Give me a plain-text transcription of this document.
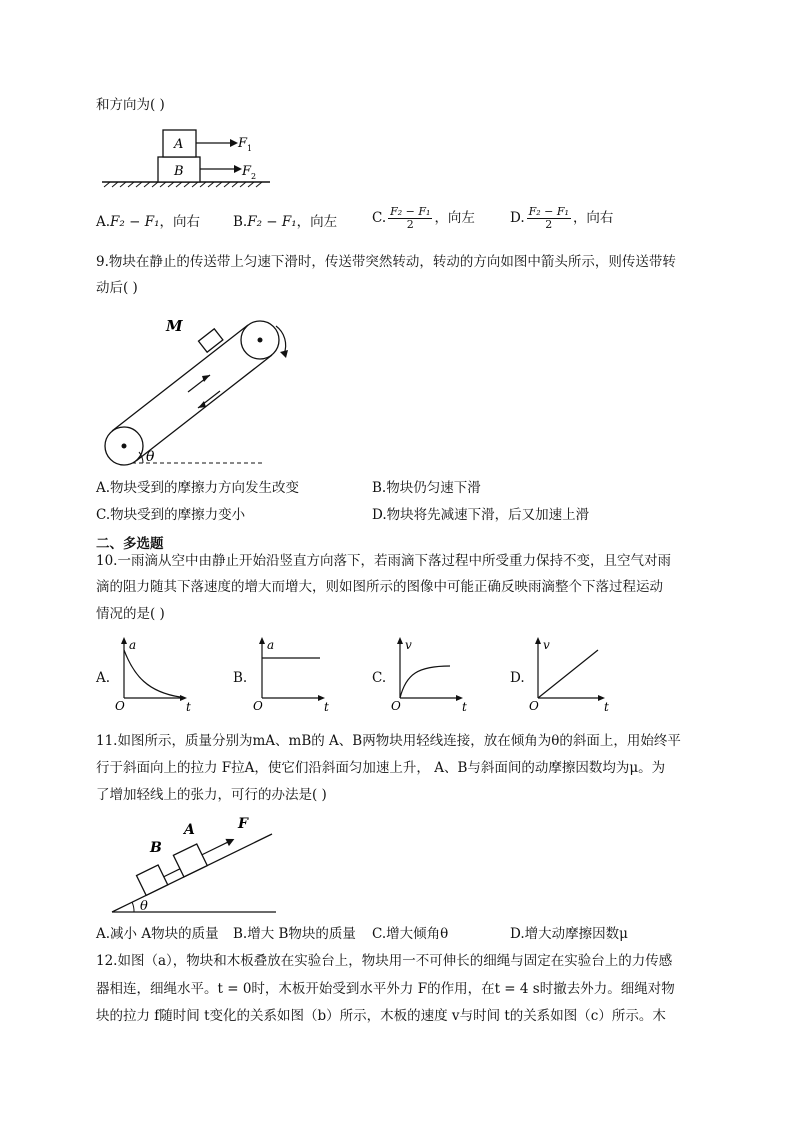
和方向为( )
A
B
F 1
F 2
A.F₂ − F₁，向右 B.F₂ − F₁，向左	C. $\frac{\text{F₂ − F₁}}{2}$ ，向左	D. $\frac{\text{F₂ − F₁}}{2}$ ，向右
9.物块在静止的传送带上匀速下滑时，传送带突然转动，转动的方向如图中箭头所示，则传送带转
动后( )
M
θ
A.物块受到的摩擦力方向发生改变	B.物块仍匀速下滑
C.物块受到的摩擦力变小	D.物块将先减速下滑，后又加速上滑
二、多选题
10.一雨滴从空中由静止开始沿竖直方向落下，若雨滴下落过程中所受重力保持不变，且空气对雨
滴的阻力随其下落速度的增大而增大，则如图所示的图像中可能正确反映雨滴整个下落过程运动
情况的是( )
A.
a
t
O
B.
a
t
O
C.
v
t
O
D.
v
t
O
11.如图所示，质量分别为mA、mB的 A、B两物块用轻线连接，放在倾角为θ的斜面上，用始终平
行于斜面向上的拉力 F拉A，使它们沿斜面匀加速上升， A、B与斜面间的动摩擦因数均为μ。为
了增加轻线上的张力，可行的办法是( )
B
A	F
θ
A.减小 A物块的质量 B.增大 B物块的质量 C.增大倾角θ	D.增大动摩擦因数μ
12.如图（a），物块和木板叠放在实验台上，物块用一不可伸长的细绳与固定在实验台上的力传感
器相连，细绳水平。t = 0时，木板开始受到水平外力 F的作用，在t = 4 s时撤去外力。细绳对物
块的拉力 f随时间 t变化的关系如图（b）所示，木板的速度 v与时间 t的关系如图（c）所示。木
